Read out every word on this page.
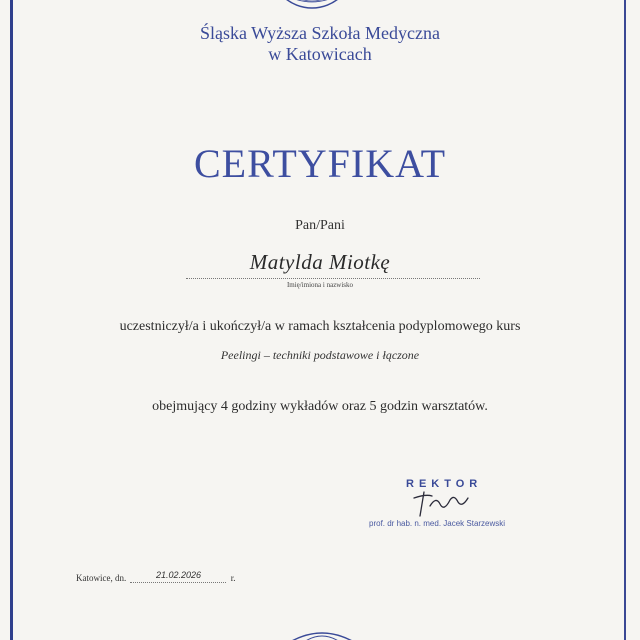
Śląska Wyższa Szkoła Medyczna
w Katowicach
CERTYFIKAT
Pan/Pani
Matylda Miotkę
Imię/imiona i nazwisko
uczestniczył/a i ukończył/a w ramach kształcenia podyplomowego kurs
Peelingi – techniki podstawowe i łączone
obejmujący 4 godziny wykładów oraz 5 godzin warsztatów.
REKTOR
prof. dr hab. n. med. Jacek Starzewski
Katowice, dn.	21.02.2026	r.
